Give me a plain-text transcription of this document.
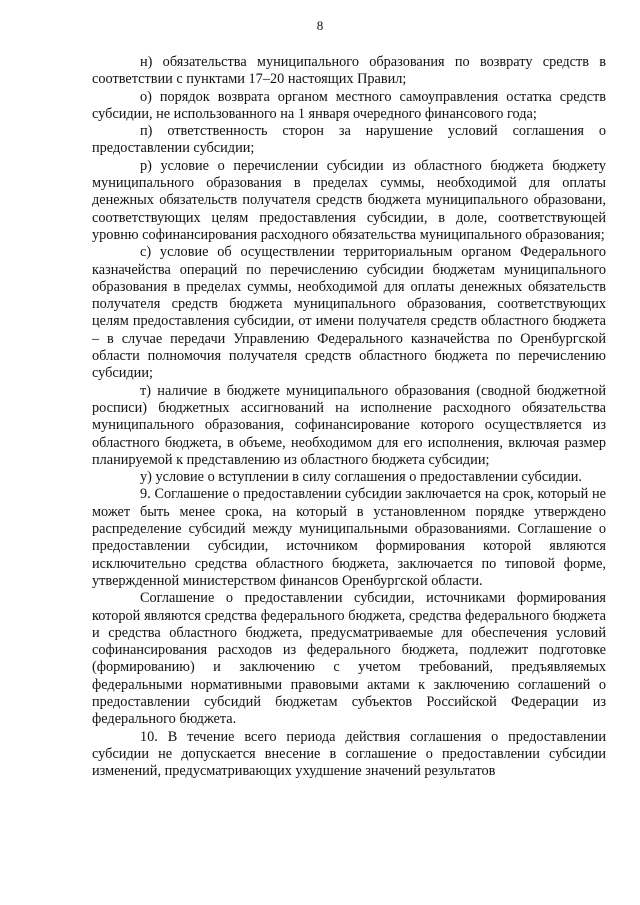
8

н) обязательства муниципального образования по возврату средств в соответствии с пунктами 17–20 настоящих Правил;

о) порядок возврата органом местного самоуправления остатка средств субсидии, не использованного на 1 января очередного финансового года;

п) ответственность сторон за нарушение условий соглашения о предоставлении субсидии;

р) условие о перечислении субсидии из областного бюджета бюджету муниципального образования в пределах суммы, необходимой для оплаты денежных обязательств получателя средств бюджета муниципального образовани, соответствующих целям предоставления субсидии, в доле, соответствующей уровню софинансирования расходного обязательства муниципального образования;

с) условие об осуществлении территориальным органом Федерального казначейства операций по перечислению субсидии бюджетам муниципального образования в пределах суммы, необходимой для оплаты денежных обязательств получателя средств бюджета муниципального образования, соответствующих целям предоставления субсидии, от имени получателя средств областного бюджета – в случае передачи Управлению Федерального казначейства по Оренбургской области полномочия получателя средств областного бюджета по перечислению субсидии;

т) наличие в бюджете муниципального образования (сводной бюджетной росписи) бюджетных ассигнований на исполнение расходного обязательства муниципального образования, софинансирование которого осуществляется из областного бюджета, в объеме, необходимом для его исполнения, включая размер планируемой к представлению из областного бюджета субсидии;

у) условие о вступлении в силу соглашения о предоставлении субсидии.

9. Соглашение о предоставлении субсидии заключается на срок, который не может быть менее срока, на который в установленном порядке утверждено распределение субсидий между муниципальными образованиями. Соглашение о предоставлении субсидии, источником формирования которой являются исключительно средства областного бюджета, заключается по типовой форме, утвержденной министерством финансов Оренбургской области.

Соглашение о предоставлении субсидии, источниками формирования которой являются средства федерального бюджета, средства федерального бюджета и средства областного бюджета, предусматриваемые для обеспечения условий софинансирования расходов из федерального бюджета, подлежит подготовке (формированию) и заключению с учетом требований, предъявляемых федеральными нормативными правовыми актами к заключению соглашений о предоставлении субсидий бюджетам субъектов Российской Федерации из федерального бюджета.

10. В течение всего периода действия соглашения о предоставлении субсидии не допускается внесение в соглашение о предоставлении субсидии изменений, предусматривающих ухудшение значений результатов
